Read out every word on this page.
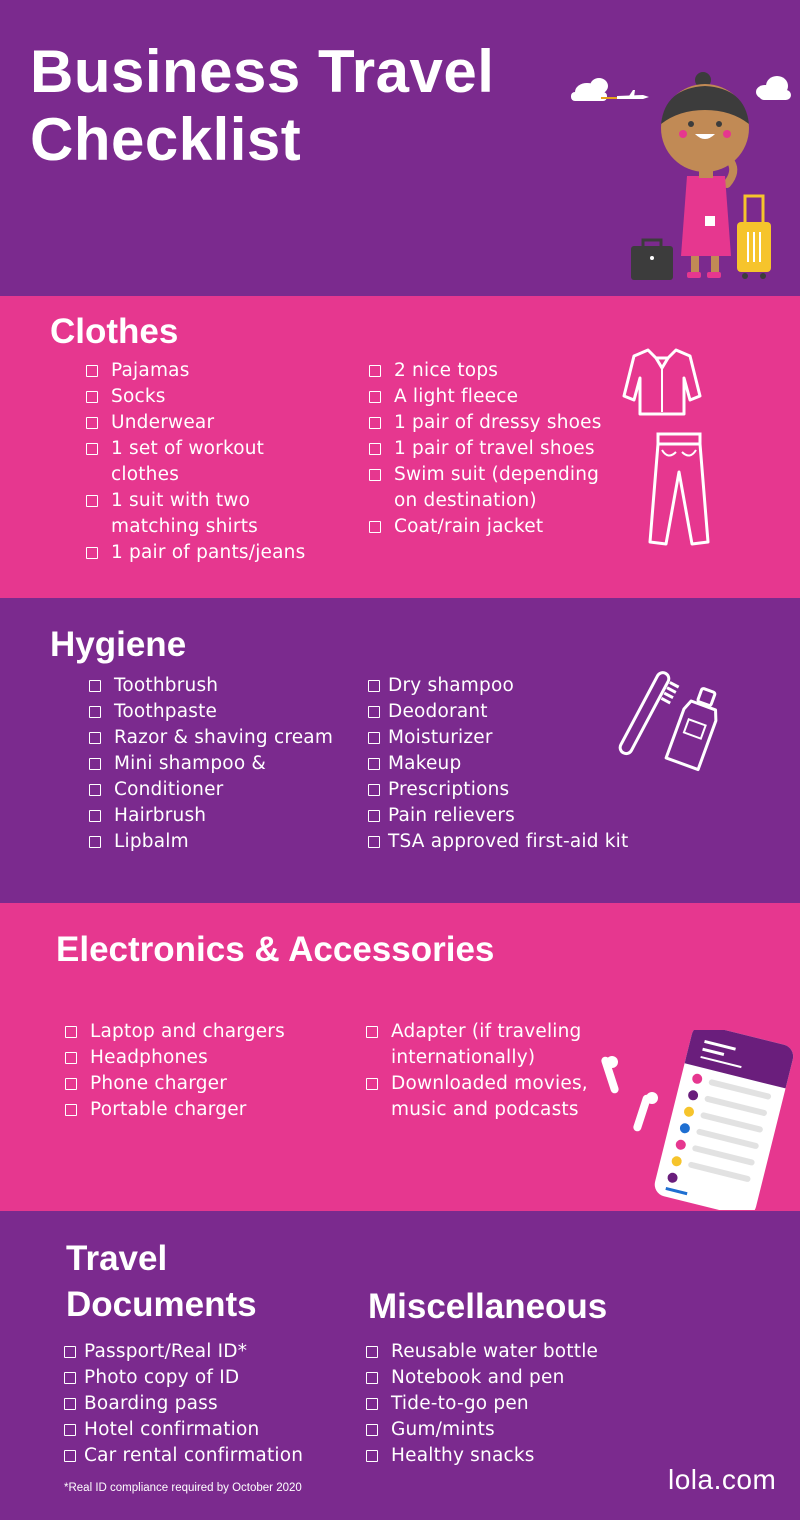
Business Travel
Checklist
Clothes
Pajamas
Socks
Underwear
1 set of workout
clothes
1 suit with two
matching shirts
1 pair of pants/jeans
2 nice tops
A light fleece
1 pair of dressy shoes
1 pair of travel shoes
Swim suit (depending
on destination)
Coat/rain jacket
Hygiene
Toothbrush
Toothpaste
Razor & shaving cream
Mini shampoo &
Conditioner
Hairbrush
Lipbalm
Dry shampoo
Deodorant
Moisturizer
Makeup
Prescriptions
Pain relievers
TSA approved first-aid kit
Electronics & Accessories
Laptop and chargers
Headphones
Phone charger
Portable charger
Adapter (if traveling
internationally)
Downloaded movies,
music and podcasts
Travel
Documents
Passport/Real ID*
Photo copy of ID
Boarding pass
Hotel confirmation
Car rental confirmation
Miscellaneous
Reusable water bottle
Notebook and pen
Tide-to-go pen
Gum/mints
Healthy snacks
*Real ID compliance required by October 2020	lola.com
